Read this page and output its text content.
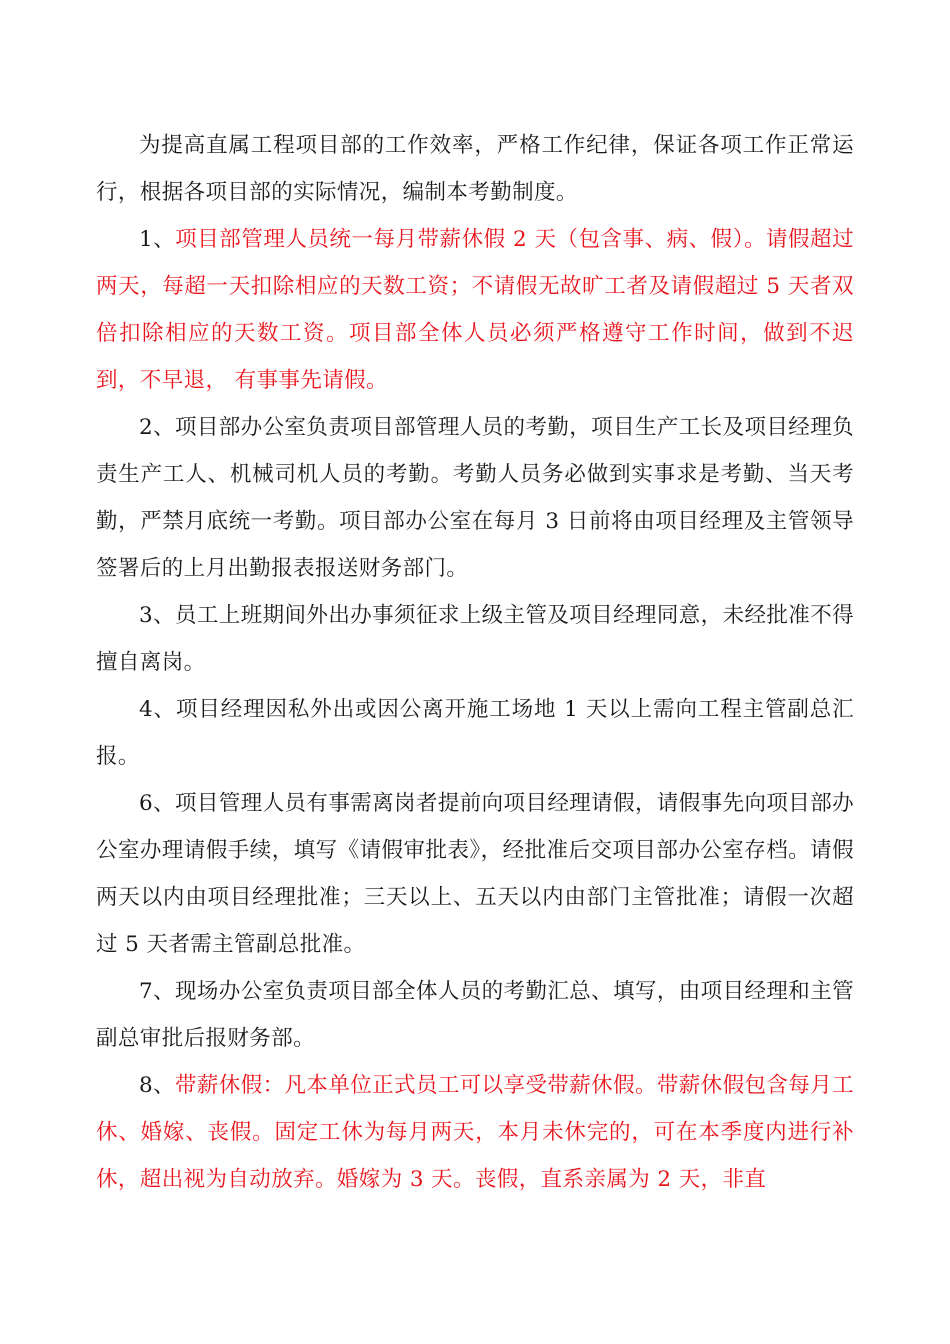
为提高直属工程项目部的工作效率，严格工作纪律，保证各项工作正常运行，根据各项目部的实际情况，编制本考勤制度。

1、项目部管理人员统一每月带薪休假 2 天（包含事、病、假）。请假超过两天，每超一天扣除相应的天数工资；不请假无故旷工者及请假超过 5 天者双倍扣除相应的天数工资。项目部全体人员必须严格遵守工作时间，做到不迟到，不早退， 有事事先请假。

2、项目部办公室负责项目部管理人员的考勤，项目生产工长及项目经理负责生产工人、机械司机人员的考勤。考勤人员务必做到实事求是考勤、当天考勤，严禁月底统一考勤。项目部办公室在每月 3 日前将由项目经理及主管领导签署后的上月出勤报表报送财务部门。

3、员工上班期间外出办事须征求上级主管及项目经理同意，未经批准不得擅自离岗。

4、项目经理因私外出或因公离开施工场地 1 天以上需向工程主管副总汇报。

6、项目管理人员有事需离岗者提前向项目经理请假，请假事先向项目部办公室办理请假手续，填写《请假审批表》，经批准后交项目部办公室存档。请假两天以内由项目经理批准；三天以上、五天以内由部门主管批准；请假一次超过 5 天者需主管副总批准。

7、现场办公室负责项目部全体人员的考勤汇总、填写，由项目经理和主管副总审批后报财务部。

8、带薪休假：凡本单位正式员工可以享受带薪休假。带薪休假包含每月工休、婚嫁、丧假。固定工休为每月两天，本月未休完的，可在本季度内进行补休，超出视为自动放弃。婚嫁为 3 天。丧假，直系亲属为 2 天，非直
